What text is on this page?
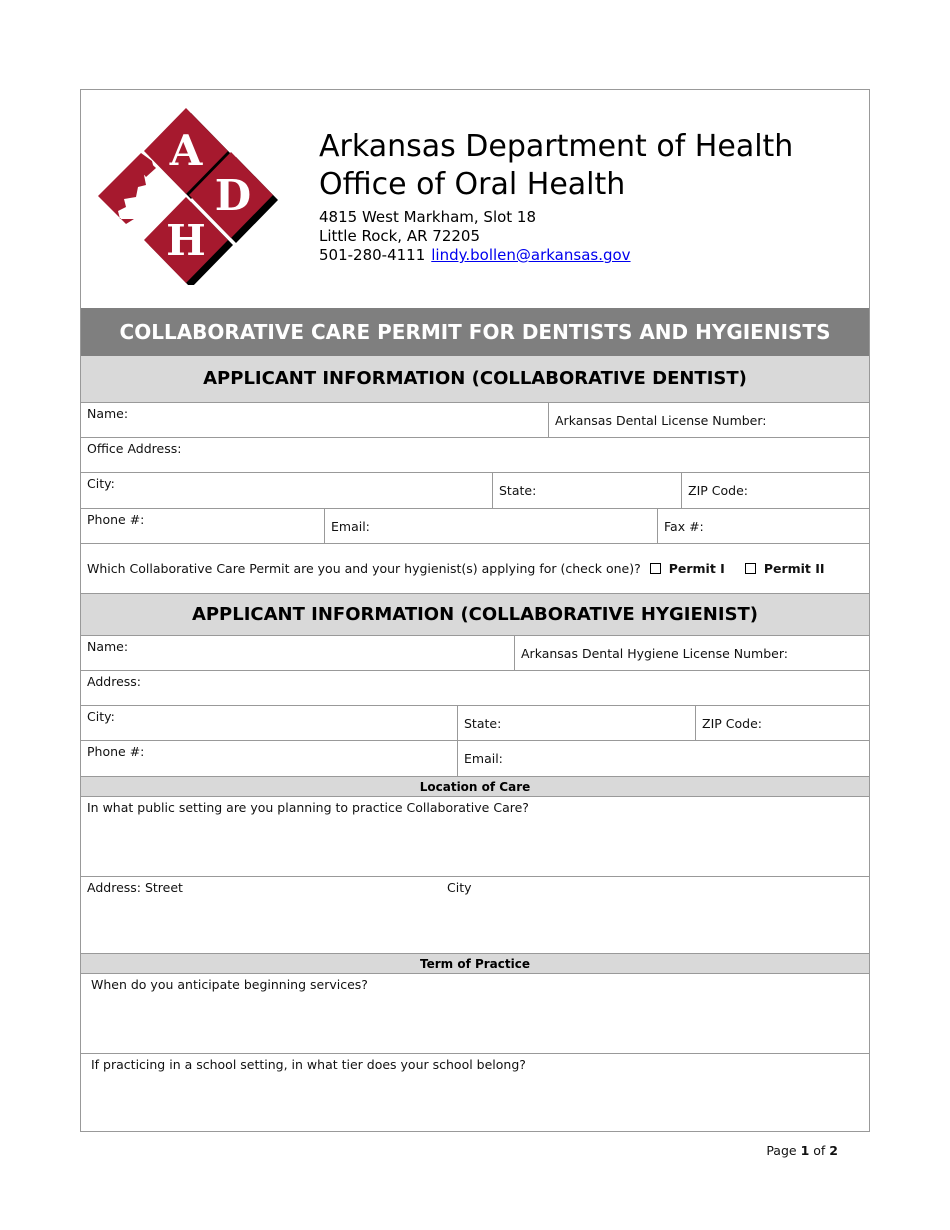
A
D
H
Arkansas Department of Health
Office of Oral Health
4815 West Markham, Slot 18
Little Rock, AR 72205
501-280-4111 lindy.bollen@arkansas.gov
COLLABORATIVE CARE PERMIT FOR DENTISTS AND HYGIENISTS
APPLICANT INFORMATION (COLLABORATIVE DENTIST)
Name:	Arkansas Dental License Number:
Office Address:
City:	State:	ZIP Code:
Phone #:	Email:	Fax #:
Which Collaborative Care Permit are you and your hygienist(s) applying for (check one)? Permit I	Permit II
APPLICANT INFORMATION (COLLABORATIVE HYGIENIST)
Name:	Arkansas Dental Hygiene License Number:
Address:
City:	State:	ZIP Code:
Phone #:	Email:
Location of Care
In what public setting are you planning to practice Collaborative Care?
Address: Street	City
Term of Practice
When do you anticipate beginning services?
If practicing in a school setting, in what tier does your school belong?
Page 1 of 2
